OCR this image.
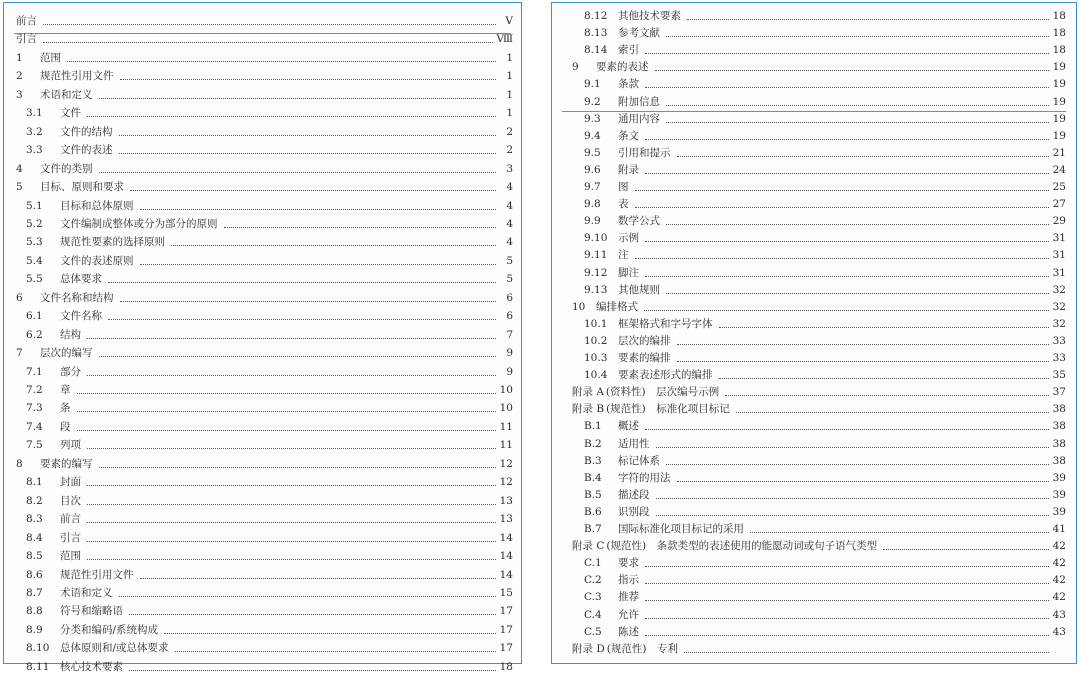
前言	V
引言	Ⅷ
1	范围	1
2	规范性引用文件	1
3	术语和定义	1
3.1	文件	1
3.2	文件的结构	2
3.3	文件的表述	2
4	文件的类别	3
5	目标、原则和要求	4
5.1	目标和总体原则	4
5.2	文件编制成整体或分为部分的原则	4
5.3	规范性要素的选择原则	4
5.4	文件的表述原则	5
5.5	总体要求	5
6	文件名称和结构	6
6.1	文件名称	6
6.2	结构	7
7	层次的编写	9
7.1	部分	9
7.2	章	10
7.3	条	10
7.4	段	11
7.5	列项	11
8	要素的编写	12
8.1	封面	12
8.2	目次	13
8.3	前言	13
8.4	引言	14
8.5	范围	14
8.6	规范性引用文件	14
8.7	术语和定义	15
8.8	符号和缩略语	17
8.9	分类和编码/系统构成	17
8.10	总体原则和/或总体要求	17
8.11	核心技术要素	18
8.12	其他技术要素	18
8.13	参考文献	18
8.14	索引	18
9	要素的表述	19
9.1	条款	19
9.2	附加信息	19
9.3	通用内容	19
9.4	条文	19
9.5	引用和提示	21
9.6	附录	24
9.7	图	25
9.8	表	27
9.9	数学公式	29
9.10	示例	31
9.11	注	31
9.12	脚注	31
9.13	其他规则	32
10	编排格式	32
10.1	框架格式和字号字体	32
10.2	层次的编排	33
10.3	要素的编排	33
10.4	要素表述形式的编排	35
附录 A (资料性)　层次编号示例	37
附录 B (规范性)　标准化项目标记	38
B.1	概述	38
B.2	适用性	38
B.3	标记体系	38
B.4	字符的用法	39
B.5	描述段	39
B.6	识别段	39
B.7	国际标准化项目标记的采用	41
附录 C (规范性)　条款类型的表述使用的能愿动词或句子语气类型	42
C.1	要求	42
C.2	指示	42
C.3	推荐	42
C.4	允许	43
C.5	陈述	43
附录 D (规范性)　专利
